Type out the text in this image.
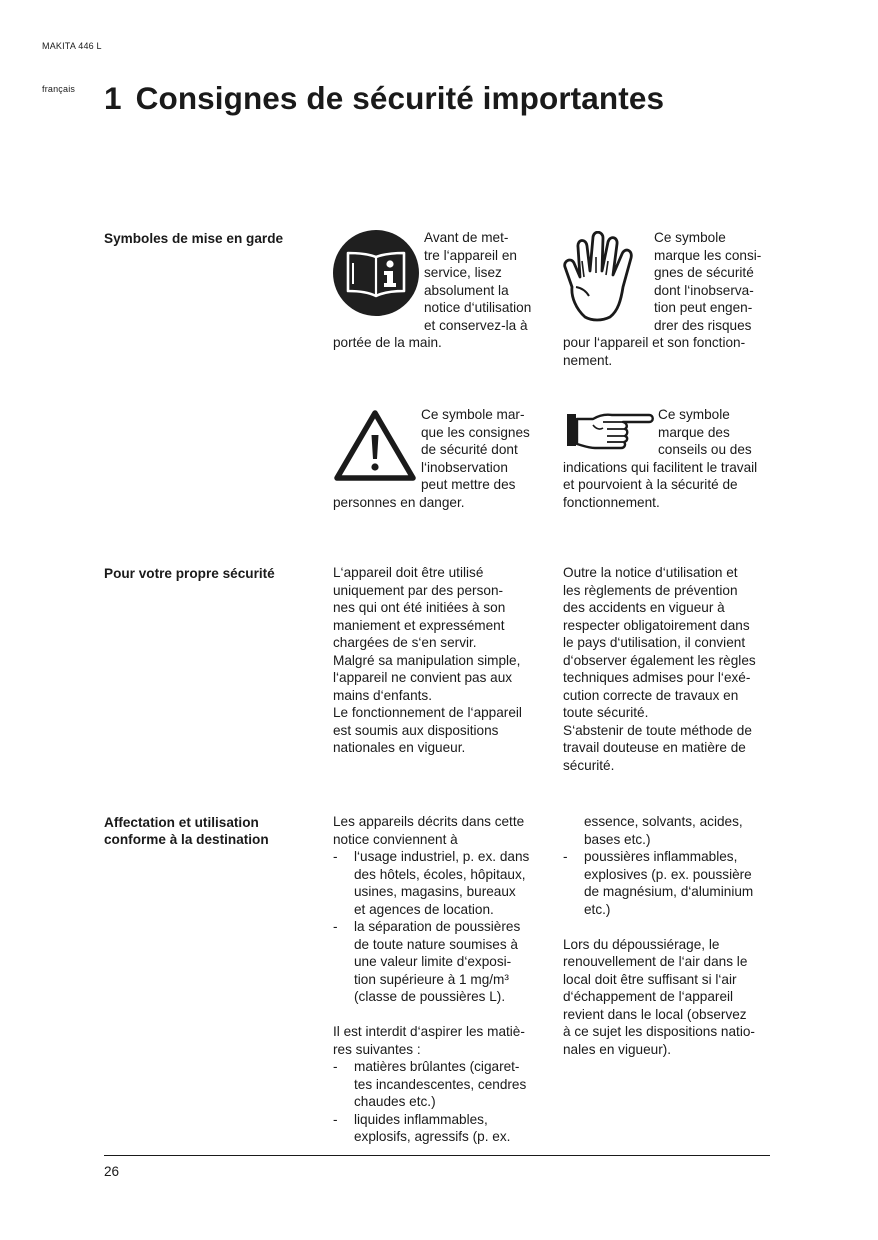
MAKITA 446 L
français 1 Consignes de sécurité importantes
Symboles de mise en garde	Avant de met-
tre l‘appareil en
service, lisez
absolument la
notice d‘utilisation
et conservez-la à
portée de la main.
Ce symbole
marque les consi-
gnes de sécurité
dont l‘inobserva-
tion peut engen-
drer des risques
pour l‘appareil et son fonction-
nement.
Ce symbole mar-
que les consignes
de sécurité dont
l‘inobservation
peut mettre des
personnes en danger.
Ce symbole
marque des
conseils ou des
indications qui facilitent le travail
et pourvoient à la sécurité de
fonctionnement.
Pour votre propre sécurité	L‘appareil doit être utilisé
uniquement par des person-
nes qui ont été initiées à son
maniement et expressément
chargées de s‘en servir.
Malgré sa manipulation simple,
l‘appareil ne convient pas aux
mains d‘enfants.
Le fonctionnement de l‘appareil
est soumis aux dispositions
nationales en vigueur.
Outre la notice d‘utilisation et
les règlements de prévention
des accidents en vigueur à
respecter obligatoirement dans
le pays d‘utilisation, il convient
d‘observer également les règles
techniques admises pour l‘exé-
cution correcte de travaux en
toute sécurité.
S‘abstenir de toute méthode de
travail douteuse en matière de
sécurité.
Affectation et utilisation
conforme à la destination
Les appareils décrits dans cette
notice conviennent à
- l‘usage industriel, p. ex. dans
des hôtels, écoles, hôpitaux,
usines, magasins, bureaux
et agences de location.
- la séparation de poussières
de toute nature soumises à
une valeur limite d‘exposi-
tion supérieure à 1 mg/m³
(classe de poussières L).
Il est interdit d‘aspirer les matiè-
res suivantes :
- matières brûlantes (cigaret-
tes incandescentes, cendres
chaudes etc.)
- liquides inflammables,
explosifs, agressifs (p. ex.
essence, solvants, acides,
bases etc.)
- poussières inflammables,
explosives (p. ex. poussière
de magnésium, d‘aluminium
etc.)
Lors du dépoussiérage, le
renouvellement de l‘air dans le
local doit être suffisant si l‘air
d‘échappement de l‘appareil
revient dans le local (observez
à ce sujet les dispositions natio-
nales en vigueur).
26
